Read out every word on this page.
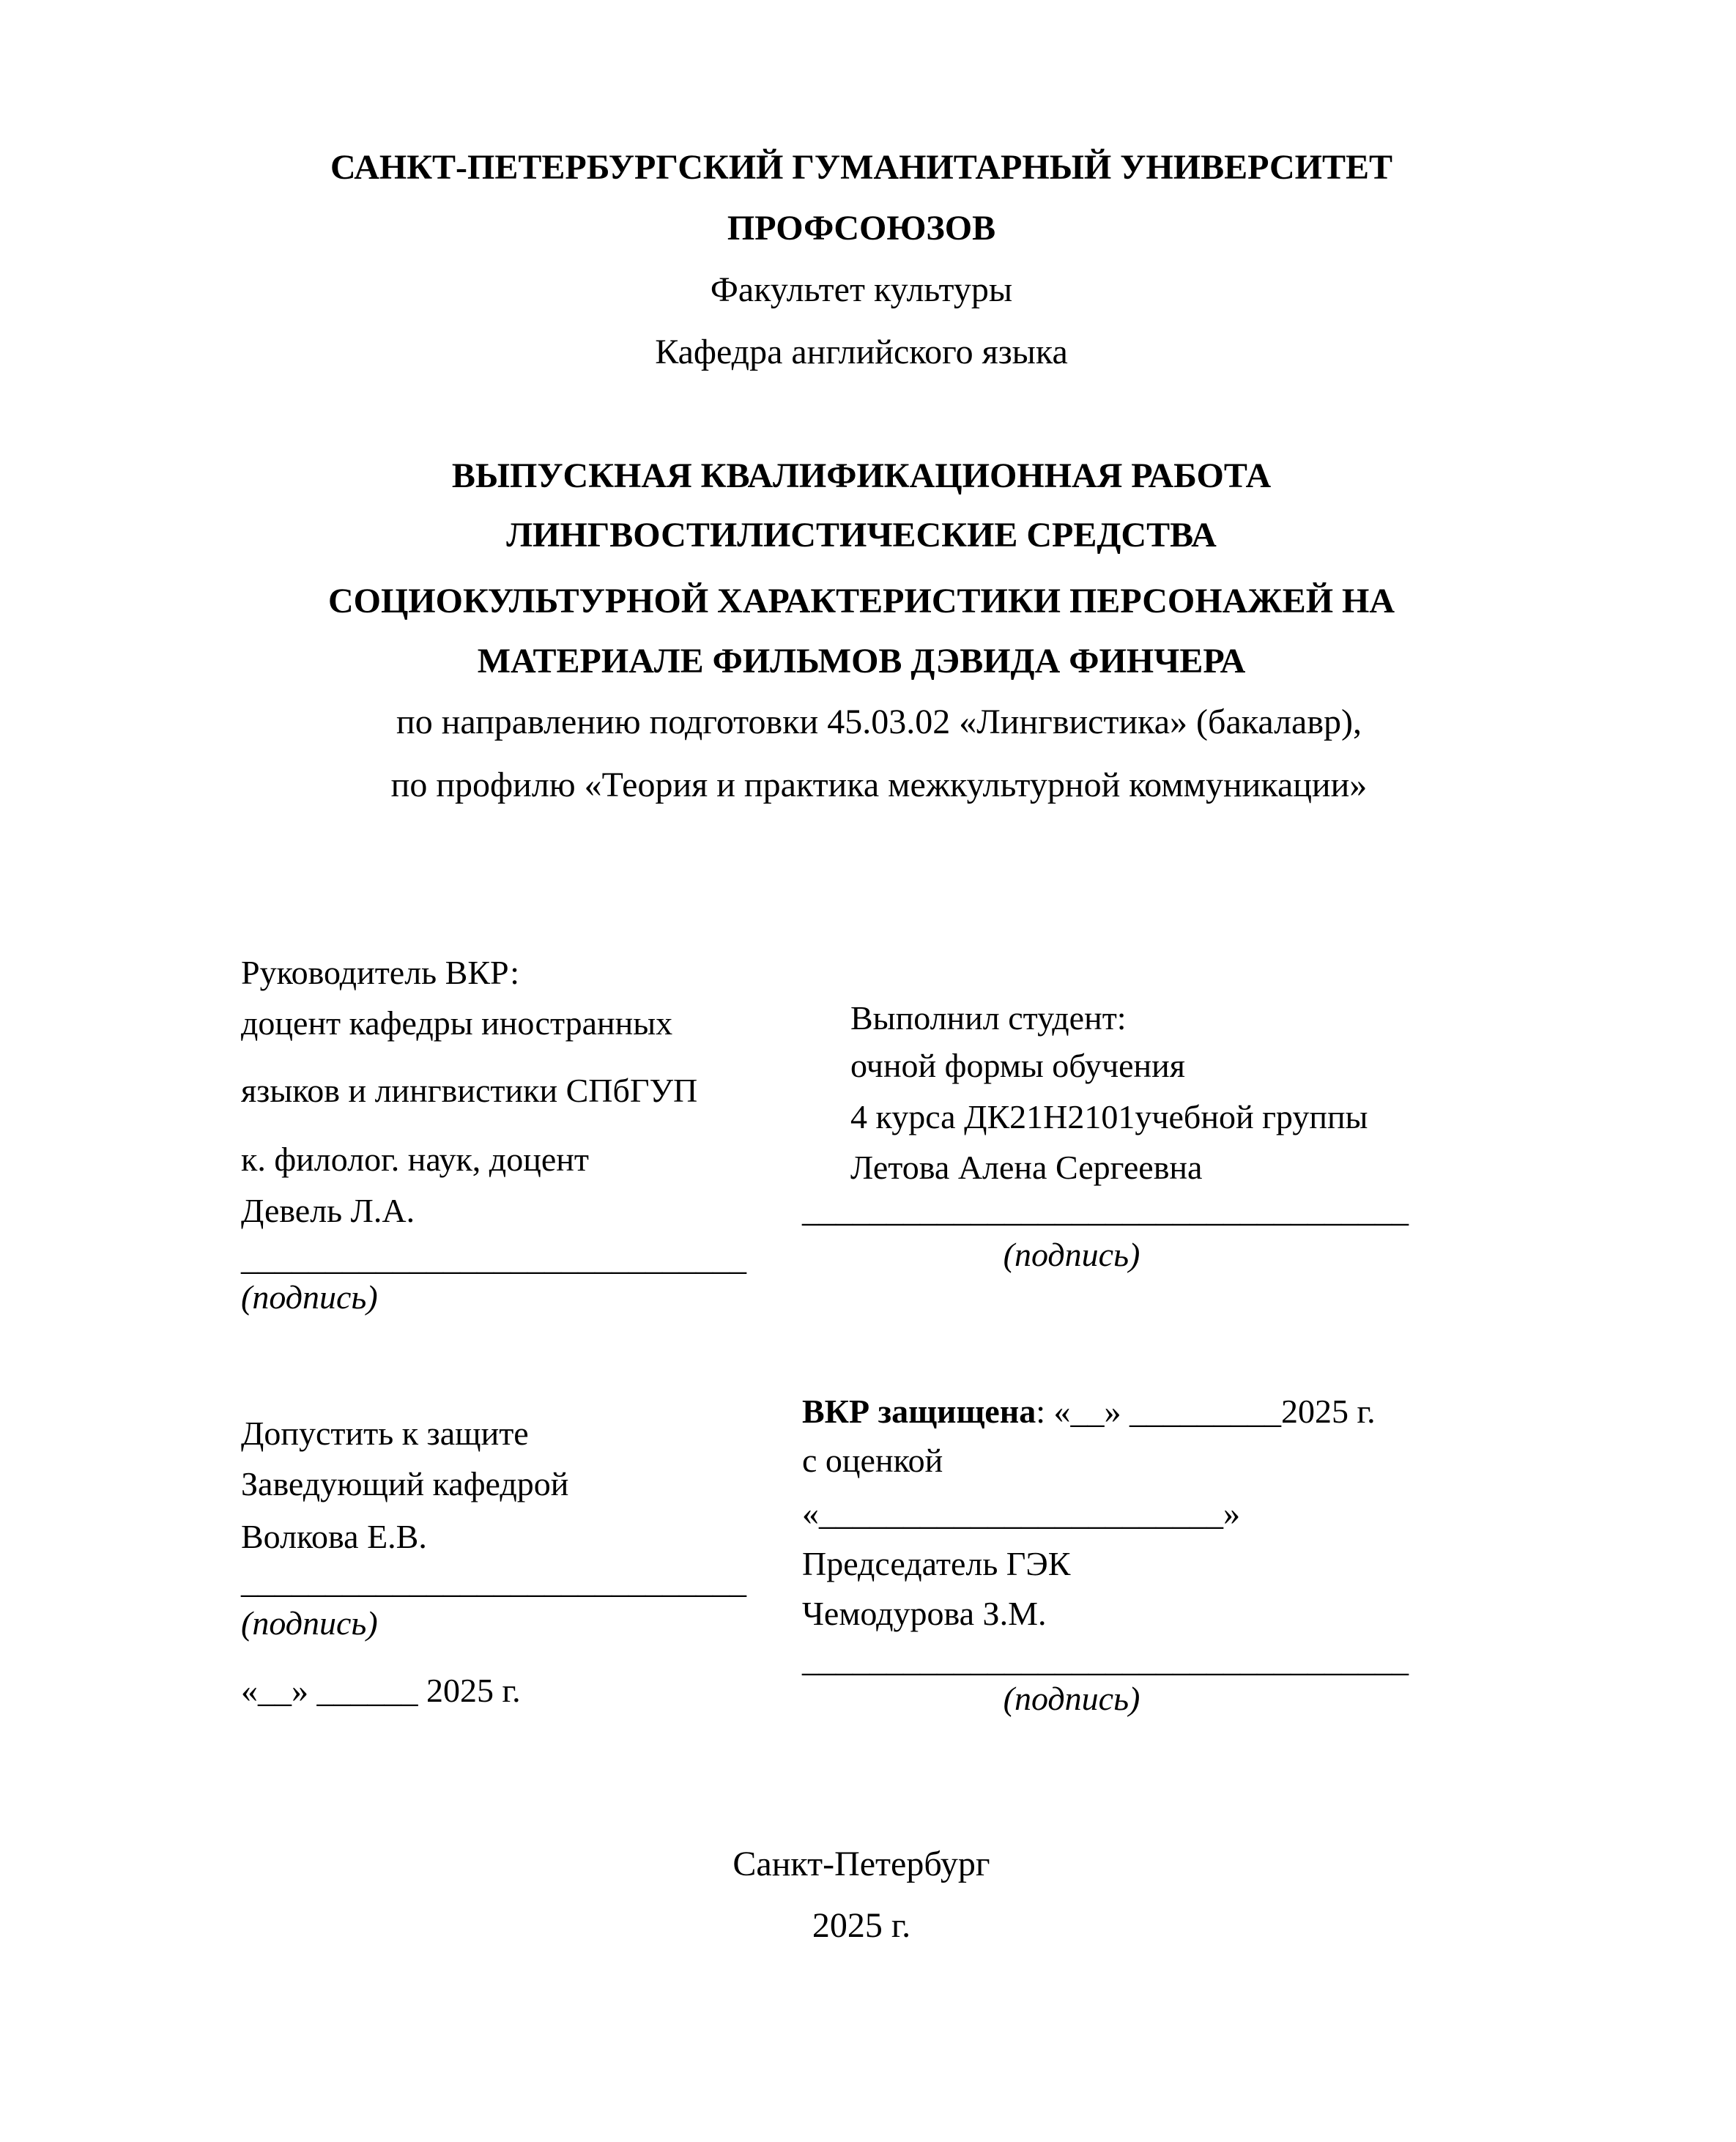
САНКТ-ПЕТЕРБУРГСКИЙ ГУМАНИТАРНЫЙ УНИВЕРСИТЕТ
ПРОФСОЮЗОВ
Факультет культуры
Кафедра английского языка
ВЫПУСКНАЯ КВАЛИФИКАЦИОННАЯ РАБОТА
ЛИНГВОСТИЛИСТИЧЕСКИЕ СРЕДСТВА
СОЦИОКУЛЬТУРНОЙ ХАРАКТЕРИСТИКИ ПЕРСОНАЖЕЙ НА
МАТЕРИАЛЕ ФИЛЬМОВ ДЭВИДА ФИНЧЕРА
по направлению подготовки 45.03.02 «Лингвистика» (бакалавр),
по профилю «Теория и практика межкультурной коммуникации»
Руководитель ВКР:
доцент кафедры иностранных
языков и лингвистики СПбГУП
к. филолог. наук, доцент
Девель Л.А.
______________________________
(подпись)
Выполнил студент:
очной формы обучения
4 курса ДК21Н2101учебной группы
Летова Алена Сергеевна
____________________________________
(подпись)
Допустить к защите
Заведующий кафедрой
Волкова Е.В.
______________________________
(подпись)
«__» ______ 2025 г.
ВКР защищена: «__» _________2025 г.
с оценкой
«________________________»
Председатель ГЭК
Чемодурова З.М.
____________________________________
(подпись)
Санкт-Петербург
2025 г.
